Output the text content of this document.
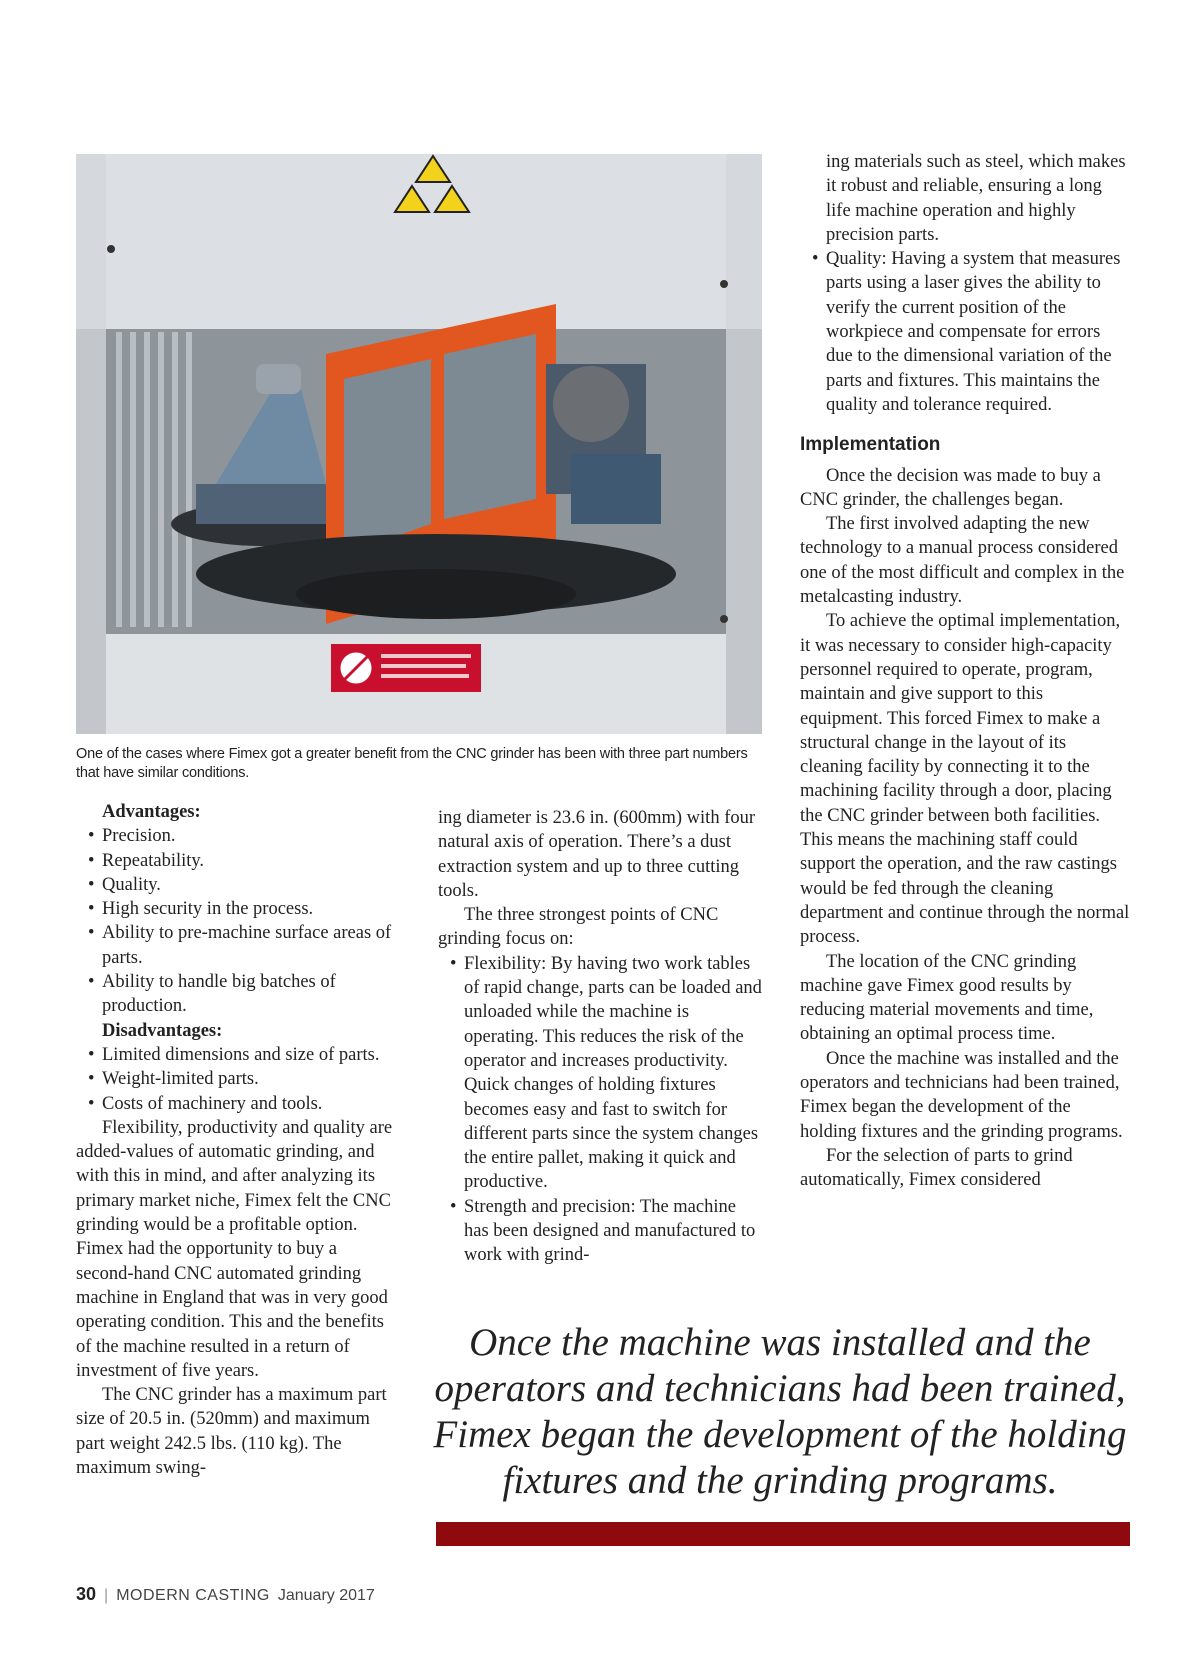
One of the cases where Fimex got a greater benefit from the CNC grinder has been with three part numbers that have similar conditions.

Advantages:

• Precision.
• Repeatability.
• Quality.
• High security in the process.
• Ability to pre-machine surface areas of parts.
• Ability to handle big batches of production.

Disadvantages:

• Limited dimensions and size of parts.
• Weight-limited parts.
• Costs of machinery and tools.

Flexibility, productivity and quality are added-values of automatic grinding, and with this in mind, and after analyzing its primary market niche, Fimex felt the CNC grinding would be a profitable option. Fimex had the opportunity to buy a second-hand CNC automated grinding machine in England that was in very good operating condition. This and the benefits of the machine resulted in a return of investment of five years.

The CNC grinder has a maximum part size of 20.5 in. (520mm) and maximum part weight 242.5 lbs. (110 kg). The maximum swing-

ing diameter is 23.6 in. (600mm) with four natural axis of operation. There’s a dust extraction system and up to three cutting tools.

The three strongest points of CNC grinding focus on:

• Flexibility: By having two work tables of rapid change, parts can be loaded and unloaded while the machine is operating. This reduces the risk of the operator and increases productivity. Quick changes of holding fixtures becomes easy and fast to switch for different parts since the system changes the entire pallet, making it quick and productive.
• Strength and precision: The machine has been designed and manufactured to work with grind-

ing materials such as steel, which makes it robust and reliable, ensuring a long life machine operation and highly precision parts.

• Quality: Having a system that measures parts using a laser gives the ability to verify the current position of the workpiece and compensate for errors due to the dimensional variation of the parts and fixtures. This maintains the quality and tolerance required.
Implementation

Once the decision was made to buy a CNC grinder, the challenges began.

The first involved adapting the new technology to a manual process considered one of the most difficult and complex in the metalcasting industry.

To achieve the optimal implementation, it was necessary to consider high-capacity personnel required to operate, program, maintain and give support to this equipment. This forced Fimex to make a structural change in the layout of its cleaning facility by connecting it to the machining facility through a door, placing the CNC grinder between both facilities. This means the machining staff could support the operation, and the raw castings would be fed through the cleaning department and continue through the normal process.

The location of the CNC grinding machine gave Fimex good results by reducing material movements and time, obtaining an optimal process time.

Once the machine was installed and the operators and technicians had been trained, Fimex began the development of the holding fixtures and the grinding programs.

For the selection of parts to grind automatically, Fimex considered

Once the machine was installed and the operators and technicians had been trained, Fimex began the development of the holding fixtures and the grinding programs.
30 | MODERN CASTING January 2017
